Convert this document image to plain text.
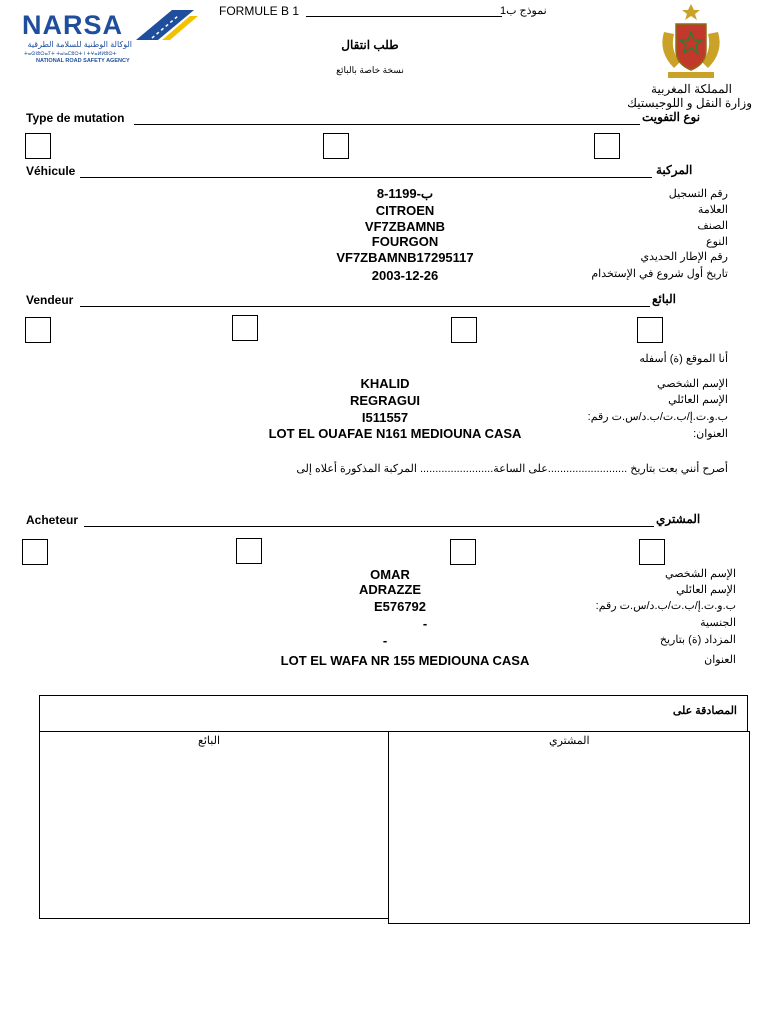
NARSA
الوكالة الوطنية للسلامة الطرقية
ⵜⴰⵙⵏⵓⵔⴰⵢⵜ ⵜⴰⵏⴰⵎⵓⵔⵜ ⵏ ⵜⵖⴰⵍⵍⵓⵙⵜ
NATIONAL ROAD SAFETY AGENCY
FORMULE B 1	نموذج ب1
طلب انتقال
نسخة خاصة بالبائع
المملكة المغربية
وزارة النقل و اللوجيستيك
Type de mutation	نوع التفويت
Véhicule	المركبة
8-ب-1199	رقم التسجيل
CITROEN	العلامة
VF7ZBAMNB	الصنف
FOURGON	النوع
VF7ZBAMNB17295117	رقم الإطار الحديدي
2003-12-26	تاريخ أول شروع في الإستخدام
Vendeur	البائع
أنا الموقع (ة) أسفله
KHALID	الإسم الشخصي
REGRAGUI	الإسم العائلي
I511557	ب.و.ت.إ/ب.ت/ب.د/س.ت رقم:
LOT EL OUAFAE N161 MEDIOUNA CASA	العنوان:
أصرح أنني بعت بتاريخ ..........................على الساعة........................ المركبة المذكورة أعلاه إلى
Acheteur	المشتري
OMAR	الإسم الشخصي
ADRAZZE	الإسم العائلي
E576792	ب.و.ت.إ/ب.ت/ب.د/س.ت رقم:
-	الجنسية
-	المزداد (ة) بتاريخ
LOT EL WAFA NR 155 MEDIOUNA CASA	العنوان
المصادقة على
البائع	المشتري
